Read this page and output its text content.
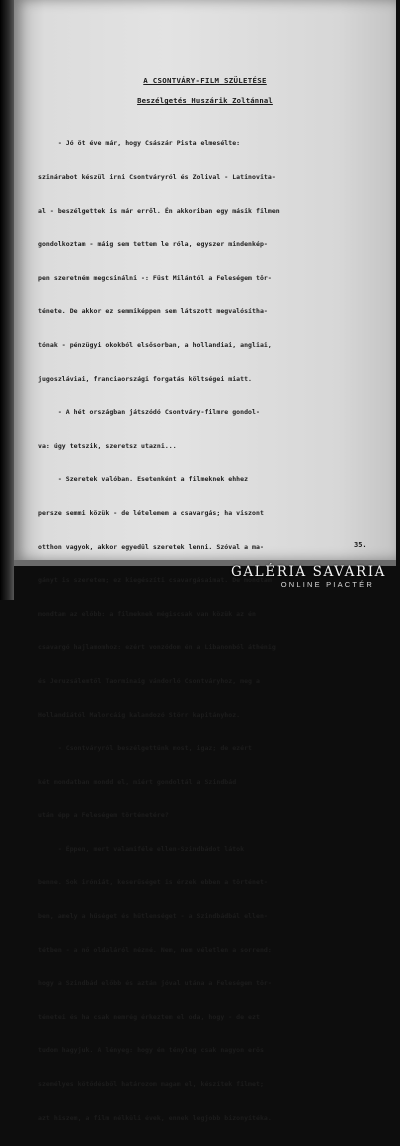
A CSONTVÁRY-FILM SZÜLETÉSE
Beszélgetés Huszárik Zoltánnal

- Jó öt éve már, hogy Császár Pista elmesélte:

szinárabot készül irni Csontváryról és Zolival - Latinovita-

al - beszélgettek is már erről. Én akkoriban egy másik filmen

gondolkoztam - máig sem tettem le róla, egyszer mindenkép-

pen szeretném megcsinálni -: Füst Milántól a Feleségem tör-

ténete. De akkor ez semmiképpen sem látszott megvalósítha-

tónak - pénzügyi okokból elsősorban, a hollandiai, angliai,

jugoszláviai, franciaországi forgatás költségei miatt.

- A hét országban játszódó Csontváry-filmre gondol-

va: úgy tetszik, szeretsz utazni...

- Szeretek valóban. Esetenként a filmeknek ehhez

persze semmi közük - de lételemem a csavargás; ha viszont

otthon vagyok, akkor egyedül szeretek lenni. Szóval a ma-

gányt is szeretem; ez kiegészíti csavargásaimat. De mondtam

mondtam az előbb: a filmeknek mégiscsak van közük az én

csavargó hajlamomhoz: ezért vonzódom én a Libanonból áthénig

és Jeruzsálemtől Taorminaig vándorló Csontváryhoz, meg a

Hollandiától Malorcáig kalandozó Störr kapitányhoz.

- Csontváryról beszélgettünk most, igaz; de ezért

két mondatban mondd el, miért gondoltál a Szindbád

után épp a Feleségem történetére?

- Éppen, mert valamiféle ellen-Szindbádot látok

benne. Sok iróniát, keserűséget is érzek ebben a történet-

ben, amely a hűséget és hűtlenséget - a Szindbádbál ellen-

tétben - a nő oldaláról nézné. Nem, nem véletlen a sorrend:

hogy a Szindbád előbb és aztán jóval utána a Feleségem tör-

ténetei és ha csak nemrég érkeztem el oda, hogy - de ezt

tudom hagyjuk. A lényeg: hogy én tényleg csak nagyon erős

személyes kötődésből határozom magam el, készítek filmet;

azt hiszem, a film nélküli évek, ennek legjobb bizonyítéka.

35.
GALÉRIA SAVARIA
ONLINE PIACTÉR
